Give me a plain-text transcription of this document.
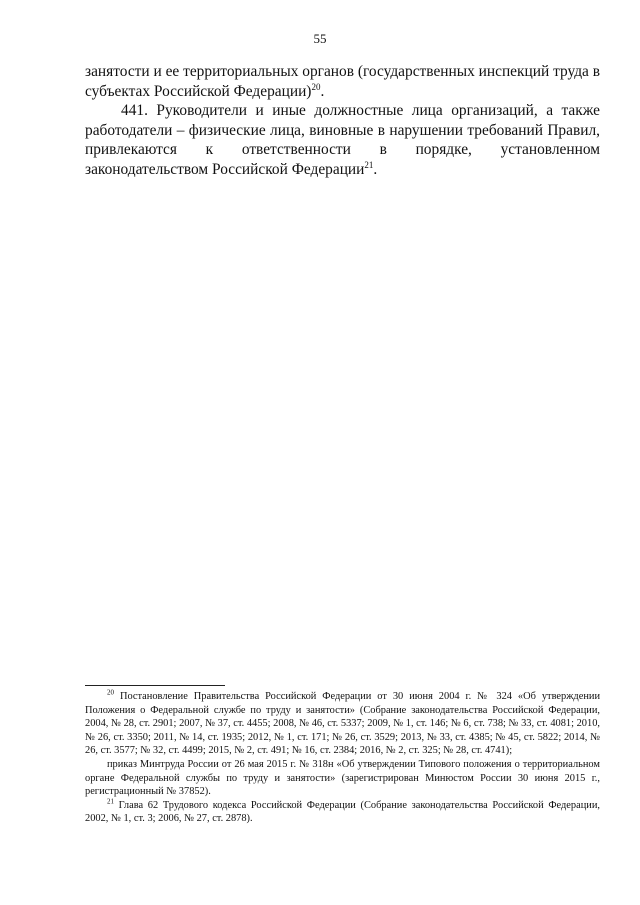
55

занятости и ее территориальных органов (государственных инспекций труда в субъектах Российской Федерации)$^{20}$.

441. Руководители и иные должностные лица организаций, а также работодатели – физические лица, виновные в нарушении требований Правил, привлекаются к ответственности в порядке, установленном законодательством Российской Федерации$^{21}$.

$^{20}$ Постановление Правительства Российской Федерации от 30 июня 2004 г. № 324 «Об утверждении Положения о Федеральной службе по труду и занятости» (Собрание законодательства Российской Федерации, 2004, № 28, ст. 2901; 2007, № 37, ст. 4455; 2008, № 46, ст. 5337; 2009, № 1, ст. 146; № 6, ст. 738; № 33, ст. 4081; 2010, № 26, ст. 3350; 2011, № 14, ст. 1935; 2012, № 1, ст. 171; № 26, ст. 3529; 2013, № 33, ст. 4385; № 45, ст. 5822; 2014, № 26, ст. 3577; № 32, ст. 4499; 2015, № 2, ст. 491; № 16, ст. 2384; 2016, № 2, ст. 325; № 28, ст. 4741);

приказ Минтруда России от 26 мая 2015 г. № 318н «Об утверждении Типового положения о территориальном органе Федеральной службы по труду и занятости» (зарегистрирован Минюстом России 30 июня 2015 г., регистрационный № 37852).

$^{21}$ Глава 62 Трудового кодекса Российской Федерации (Собрание законодательства Российской Федерации, 2002, № 1, ст. 3; 2006, № 27, ст. 2878).
